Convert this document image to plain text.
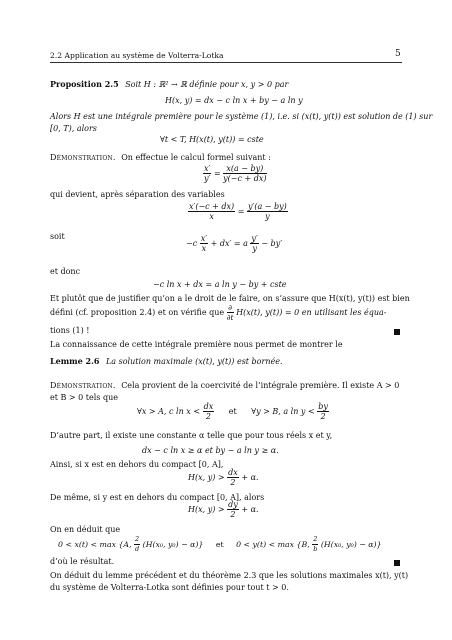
2.2 Application au système de Volterra-Lotka	5
Proposition 2.5 Soit H : ℝ² → ℝ définie pour x, y > 0 par
H(x, y) = dx − c ln x + by − a ln y
Alors H est une intégrale première pour le système (1), i.e. si (x(t), y(t)) est solution de (1) sur
[0, T), alors
∀t < T, H(x(t), y(t)) = cste
Démonstration. On effectue le calcul formel suivant :
$\frac{x'}{y'} = \frac{x(a - by)}{y(-c + dx)}$
qui devient, après séparation des variables
$\frac{x'(-c + dx)}{x} = \frac{y'(a - by)}{y}$
soit
$-c \frac{x'}{x} + dx' = a \frac{y'}{y} - by'$
et donc
−c ln x + dx = a ln y − by + cste
Et plutôt que de justifier qu’on a le droit de le faire, on s’assure que H(x(t), y(t)) est bien
défini (cf. proposition 2.4) et on vérifie que $\frac{\partial}{\partial t} H(x(t)$, y(t)) = 0 en utilisant les équa-
tions (1) !
La connaissance de cette intégrale première nous permet de montrer le
Lemme 2.6 La solution maximale (x(t), y(t)) est bornée.
Démonstration. Cela provient de la coercivité de l’intégrale première. Il existe A > 0
et B > 0 tels que
∀x > A, c $\ln x < \frac{dx}{2}$ et ∀y > B, a $\ln y < \frac{by}{2}$
D’autre part, il existe une constante α telle que pour tous réels x et y,
dx − c ln x ≥ α et by − a ln y ≥ α.
Ainsi, si x est en dehors du compact [0, A],
H(x, $y) > \frac{dx}{2} + \alpha$.
De même, si y est en dehors du compact [0, A], alors
H(x, $y) > \frac{dy}{2} + \alpha$.
On en déduit que
0 < x(t) < max {A, $\frac{2}{d} (H(x_0$, y₀) − α)} et 0 < y(t) < max {B, $\frac{2}{b} (H(x_0$, y₀) − α)}
d’où le résultat.
On déduit du lemme précédent et du théorème 2.3 que les solutions maximales x(t), y(t)
du système de Volterra-Lotka sont définies pour tout t > 0.
